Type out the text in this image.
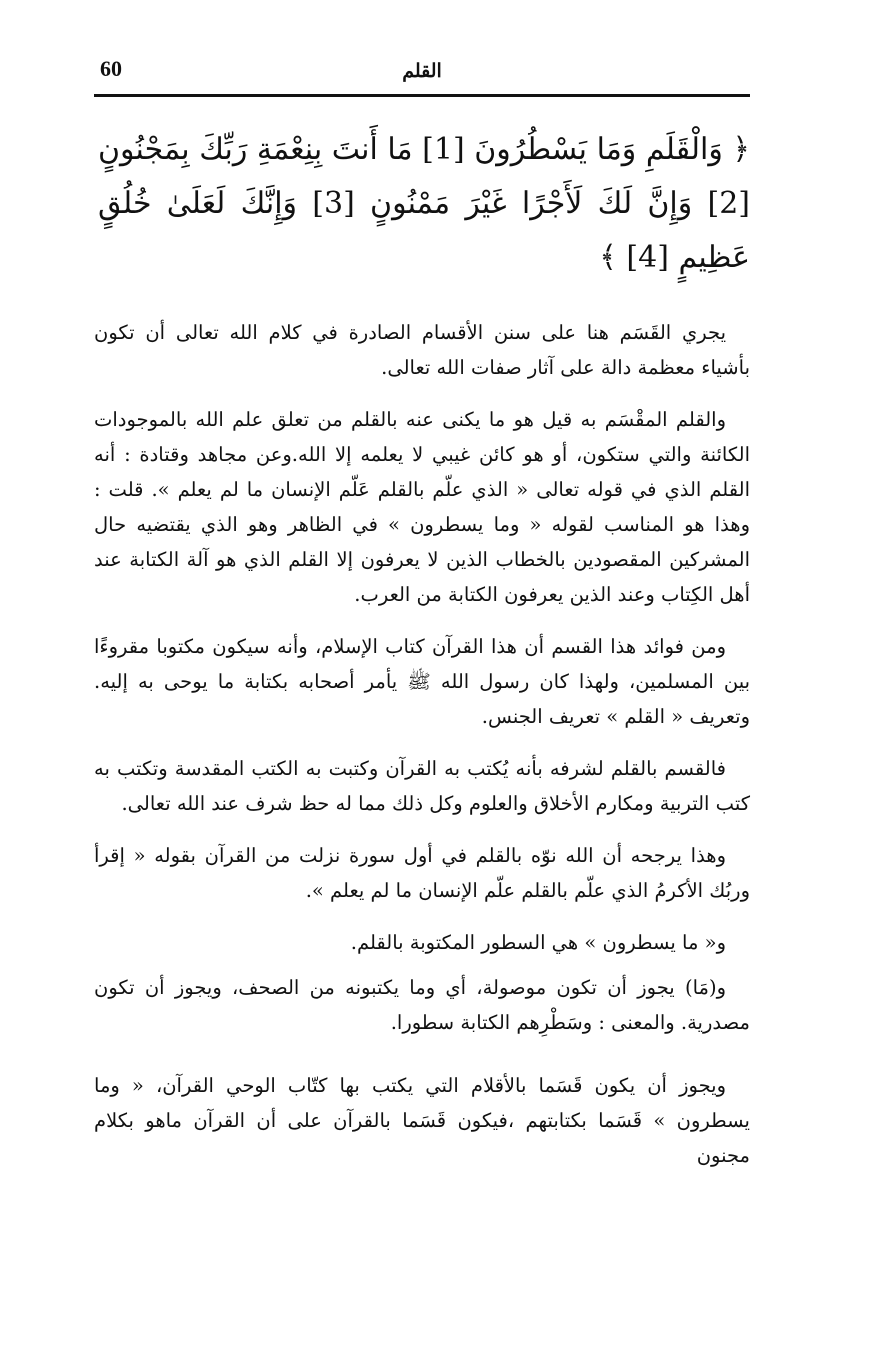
القلم
60
﴿ وَالْقَلَمِ وَمَا يَسْطُرُونَ [1] مَا أَنتَ بِنِعْمَةِ رَبِّكَ بِمَجْنُونٍ [2] وَإِنَّ لَكَ لَأَجْرًا غَيْرَ مَمْنُونٍ [3] وَإِنَّكَ لَعَلَىٰ خُلُقٍ عَظِيمٍ [4] ﴾

يجري القَسَم هنا على سنن الأقسام الصادرة في كلام الله تعالى أن تكون بأشياء معظمة دالة على آثار صفات الله تعالى.

والقلم المقْسَم به قيل هو ما يكنى عنه بالقلم من تعلق علم الله بالموجودات الكائنة والتي ستكون، أو هو كائن غيبي لا يعلمه إلا الله.وعن مجاهد وقتادة : أنه القلم الذي في قوله تعالى « الذي علّم بالقلم عَلّم الإنسان ما لم يعلم ». قلت : وهذا هو المناسب لقوله « وما يسطرون » في الظاهر وهو الذي يقتضيه حال المشركين المقصودين بالخطاب الذين لا يعرفون إلا القلم الذي هو آلة الكتابة عند أهل الكِتاب وعند الذين يعرفون الكتابة من العرب.

ومن فوائد هذا القسم أن هذا القرآن كتاب الإسلام، وأنه سيكون مكتوبا مقروءًا بين المسلمين، ولهذا كان رسول الله ﷺ يأمر أصحابه بكتابة ما يوحى به إليه. وتعريف « القلم » تعريف الجنس.

فالقسم بالقلم لشرفه بأنه يُكتب به القرآن وكتبت به الكتب المقدسة وتكتب به كتب التربية ومكارم الأخلاق والعلوم وكل ذلك مما له حظ شرف عند الله تعالى.

وهذا يرجحه أن الله نوّه بالقلم في أول سورة نزلت من القرآن بقوله « إقرأ وربُك الأكرمُ الذي علّم بالقلم علّم الإنسان ما لم يعلم ».

و« ما يسطرون » هي السطور المكتوبة بالقلم.

و(مَا) يجوز أن تكون موصولة، أي وما يكتبونه من الصحف، ويجوز أن تكون مصدرية. والمعنى : وسَطْرِهم الكتابة سطورا.

ويجوز أن يكون قَسَما بالأقلام التي يكتب بها كتّاب الوحي القرآن، « وما يسطرون » قَسَما بكتابتهم ،فيكون قَسَما بالقرآن على أن القرآن ماهو بكلام مجنون
